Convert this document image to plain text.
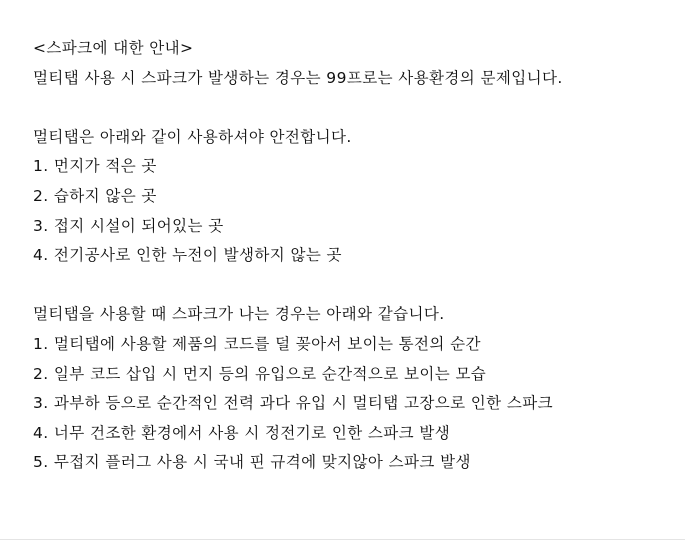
<스파크에 대한 안내>
멀티탭 사용 시 스파크가 발생하는 경우는 99프로는 사용환경의 문제입니다.
멀티탭은 아래와 같이 사용하셔야 안전합니다.
1. 먼지가 적은 곳
2. 습하지 않은 곳
3. 접지 시설이 되어있는 곳
4. 전기공사로 인한 누전이 발생하지 않는 곳
멀티탭을 사용할 때 스파크가 나는 경우는 아래와 같습니다.
1. 멀티탭에 사용할 제품의 코드를 덜 꽂아서 보이는 통전의 순간
2. 일부 코드 삽입 시 먼지 등의 유입으로 순간적으로 보이는 모습
3. 과부하 등으로 순간적인 전력 과다 유입 시 멀티탭 고장으로 인한 스파크
4. 너무 건조한 환경에서 사용 시 정전기로 인한 스파크 발생
5. 무접지 플러그 사용 시 국내 핀 규격에 맞지않아 스파크 발생
